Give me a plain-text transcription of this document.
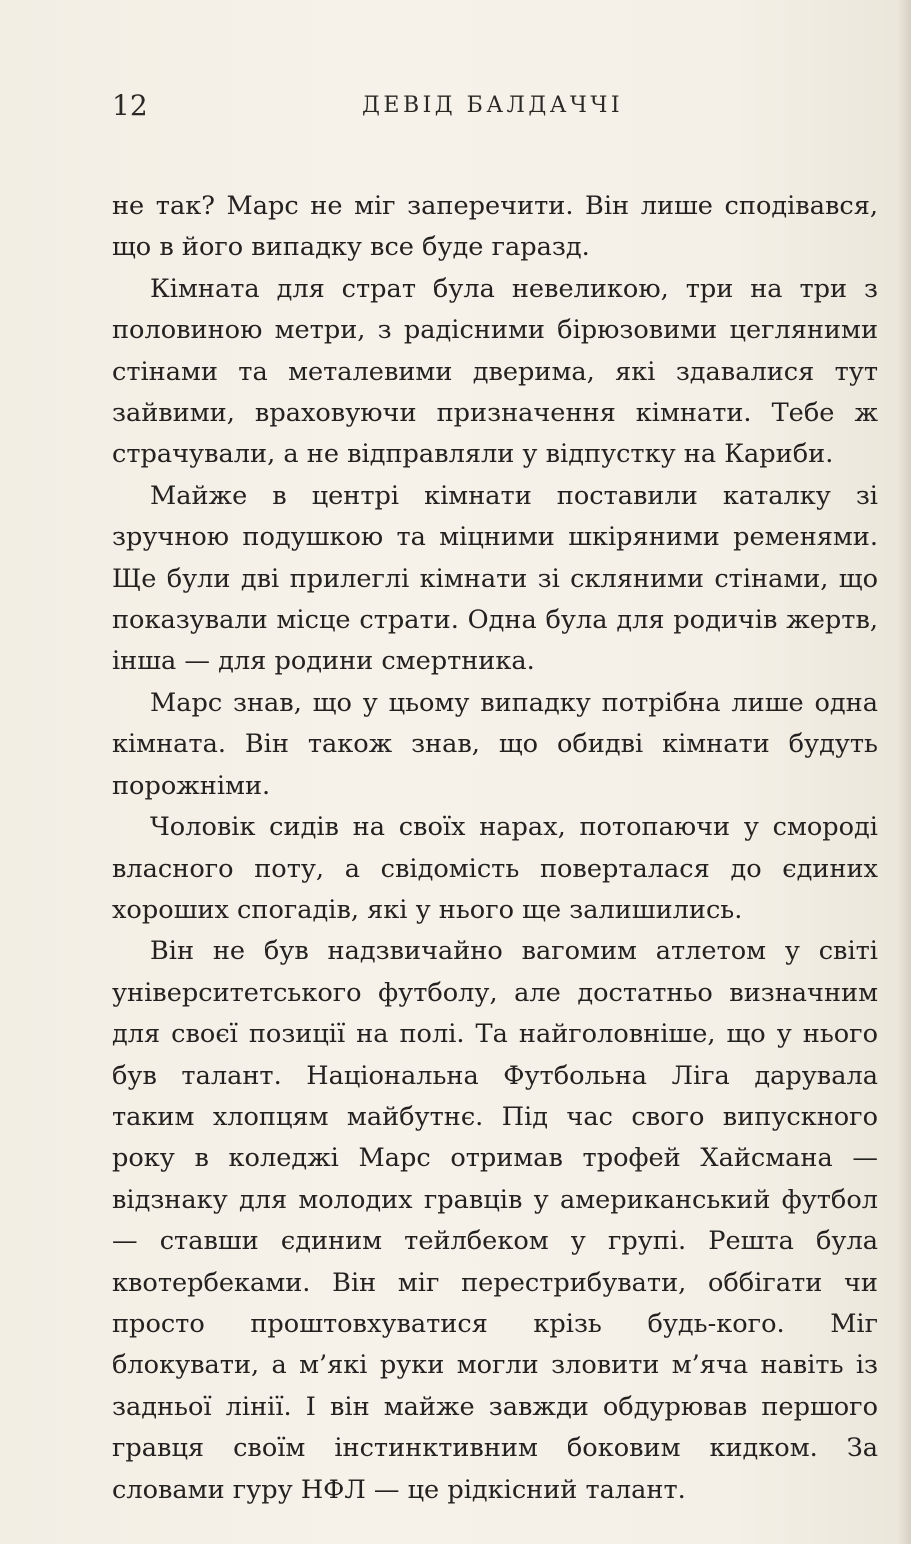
12	ДЕВІД БАЛДАЧЧІ

не так? Марс не міг заперечити. Він лише сподівався, що в його випадку все буде гаразд.

Кімната для страт була невеликою, три на три з половиною метри, з радісними бірюзовими цегляними стінами та металевими дверима, які здавалися тут зайвими, враховуючи призначення кімнати. Тебе ж страчували, а не відправляли у відпустку на Кариби.

Майже в центрі кімнати поставили каталку зі зручною подушкою та міцними шкіряними ременями. Ще були дві прилеглі кімнати зі скляними стінами, що показували місце страти. Одна була для родичів жертв, інша — для родини смертника.

Марс знав, що у цьому випадку потрібна лише одна кімната. Він також знав, що обидві кімнати будуть порожніми.

Чоловік сидів на своїх нарах, потопаючи у смороді власного поту, а свідомість поверталася до єдиних хороших спогадів, які у нього ще залишились.

Він не був надзвичайно вагомим атлетом у світі університетського футболу, але достатньо визначним для своєї позиції на полі. Та найголовніше, що у нього був талант. Національна Футбольна Ліга дарувала таким хлопцям майбутнє. Під час свого випускного року в коледжі Марс отримав трофей Хайсмана — відзнаку для молодих гравців у американський футбол — ставши єдиним тейлбеком у групі. Решта була квотербеками. Він міг перестрибувати, оббігати чи просто проштовхуватися крізь будь-кого. Міг блокувати, а м’які руки могли зловити м’яча навіть із задньої лінії. І він майже завжди обдурював першого гравця своїм інстинктивним боковим кидком. За словами гуру НФЛ — це рідкісний талант.
